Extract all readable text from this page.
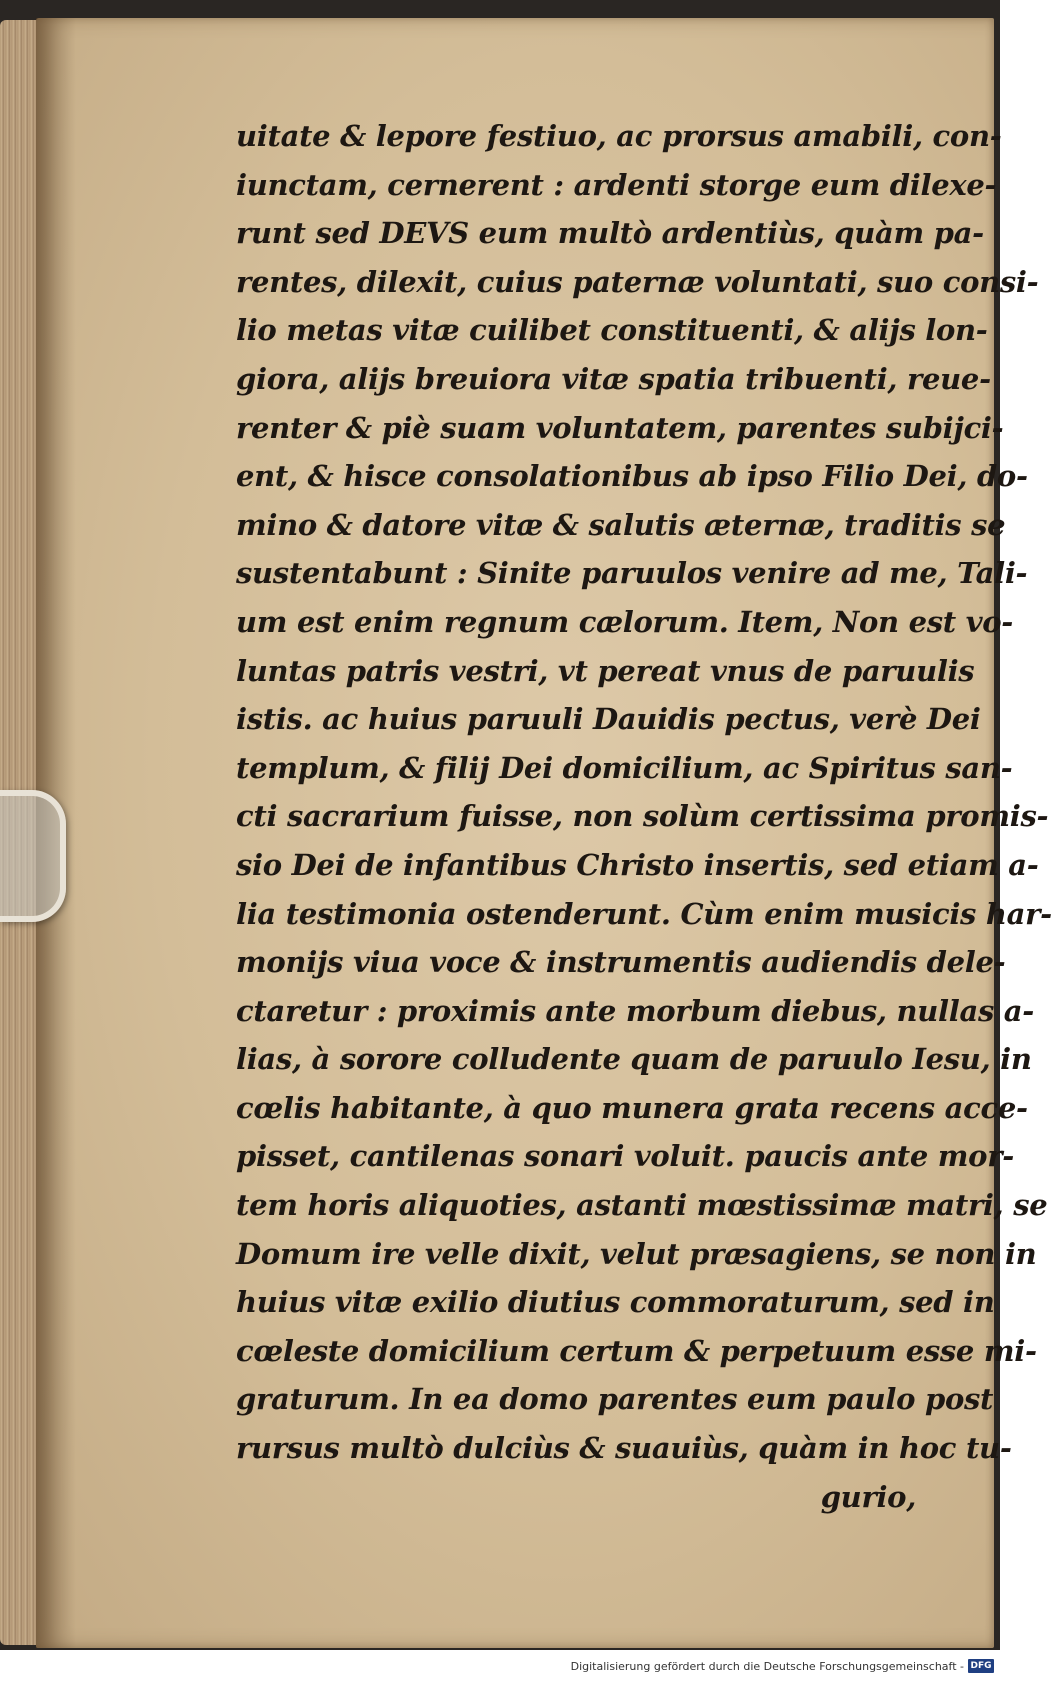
uitate & lepore festiuo, ac prorsus amabili, con-
iunctam, cernerent : ardenti storge eum dilexe-
runt sed DEVS eum multò ardentiùs, quàm pa-
rentes, dilexit, cuius paternæ voluntati, suo consi-
lio metas vitæ cuilibet constituenti, & alijs lon-
giora, alijs breuiora vitæ spatia tribuenti, reue-
renter & piè suam voluntatem, parentes subijci-
ent, & hisce consolationibus ab ipso Filio Dei, do-
mino & datore vitæ & salutis æternæ, traditis se
sustentabunt : Sinite paruulos venire ad me, Tali-
um est enim regnum cælorum. Item, Non est vo-
luntas patris vestri, vt pereat vnus de paruulis
istis. ac huius paruuli Dauidis pectus, verè Dei
templum, & filij Dei domicilium, ac Spiritus san-
cti sacrarium fuisse, non solùm certissima promis-
sio Dei de infantibus Christo insertis, sed etiam a-
lia testimonia ostenderunt. Cùm enim musicis har-
monijs viua voce & instrumentis audiendis dele-
ctaretur : proximis ante morbum diebus, nullas a-
lias, à sorore colludente quam de paruulo Iesu, in
cœlis habitante, à quo munera grata recens acce-
pisset, cantilenas sonari voluit. paucis ante mor-
tem horis aliquoties, astanti mœstissimæ matri, se
Domum ire velle dixit, velut præsagiens, se non in
huius vitæ exilio diutius commoraturum, sed in
cœleste domicilium certum & perpetuum esse mi-
graturum. In ea domo parentes eum paulo post
rursus multò dulciùs & suauiùs, quàm in hoc tu-
gurio,
Digitalisierung gefördert durch die Deutsche Forschungsgemeinschaft - DFG
